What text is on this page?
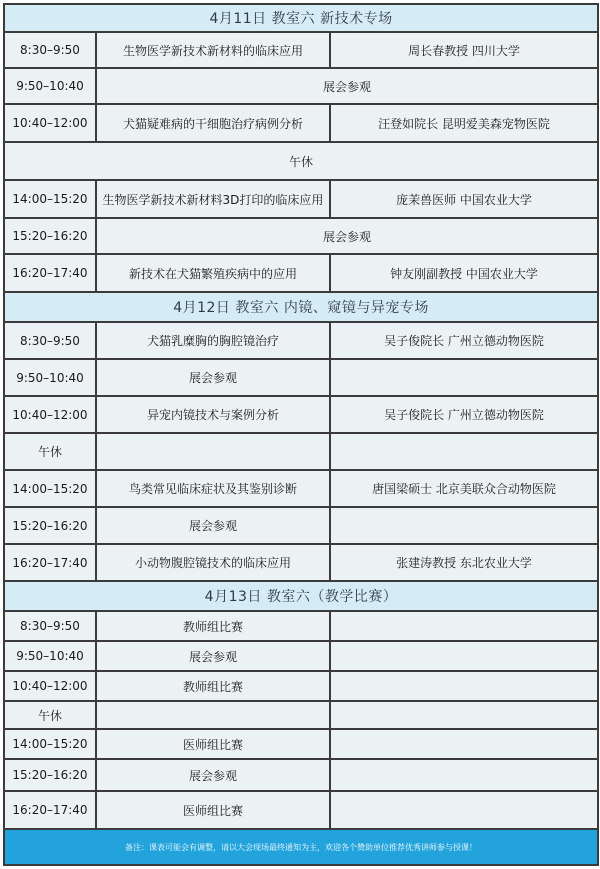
4月11日 教室六 新技术专场		
8:30–9:50	生物医学新技术新材料的临床应用	周长春教授 四川大学
9:50–10:40	展会参观	
10:40–12:00	犬猫疑难病的干细胞治疗病例分析	汪登如院长 昆明爱美森宠物医院
午休		
14:00–15:20	生物医学新技术新材料3D打印的临床应用	庞茉兽医师 中国农业大学
15:20–16:20	展会参观	
16:20–17:40	新技术在犬猫繁殖疾病中的应用	钟友刚副教授 中国农业大学
4月12日 教室六 内镜、窥镜与异宠专场		
8:30–9:50	犬猫乳糜胸的胸腔镜治疗	吴子俊院长 广州立德动物医院
9:50–10:40	展会参观	
10:40–12:00	异宠内镜技术与案例分析	吴子俊院长 广州立德动物医院
午休		
14:00–15:20	鸟类常见临床症状及其鉴别诊断	唐国梁硕士 北京美联众合动物医院
15:20–16:20	展会参观	
16:20–17:40	小动物腹腔镜技术的临床应用	张建涛教授 东北农业大学
4月13日 教室六（教学比赛）		
8:30–9:50	教师组比赛	
9:50–10:40	展会参观	
10:40–12:00	教师组比赛	
午休		
14:00–15:20	医师组比赛	
15:20–16:20	展会参观	
16:20–17:40	医师组比赛	
备注：课表可能会有调整，请以大会现场最终通知为主，欢迎各个赞助单位推荐优秀讲师参与授课！		
